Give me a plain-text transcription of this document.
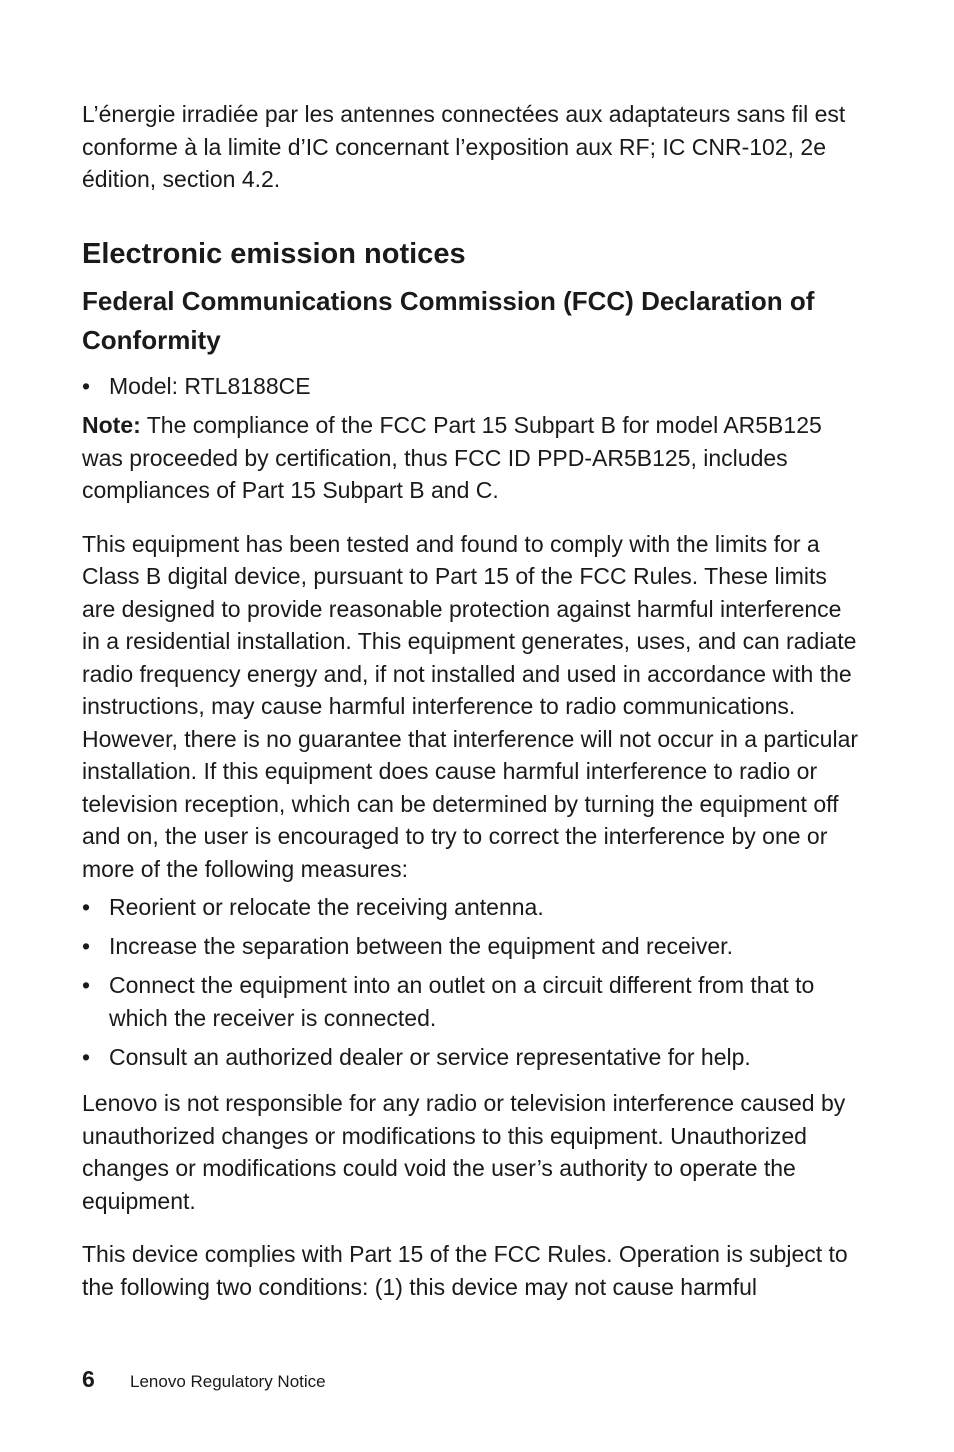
L’énergie irradiée par les antennes connectées aux adaptateurs sans fil est conforme à la limite d’IC concernant l’exposition aux RF; IC CNR-102, 2e édition, section 4.2.

Electronic emission notices
Federal Communications Commission (FCC) Declaration of Conformity
• Model: RTL8188CE

Note: The compliance of the FCC Part 15 Subpart B for model AR5B125 was proceeded by certification, thus FCC ID PPD-AR5B125, includes compliances of Part 15 Subpart B and C.

This equipment has been tested and found to comply with the limits for a Class B digital device, pursuant to Part 15 of the FCC Rules. These limits are designed to provide reasonable protection against harmful interference in a residential installation. This equipment generates, uses, and can radiate radio frequency energy and, if not installed and used in accordance with the instructions, may cause harmful interference to radio communications. However, there is no guarantee that interference will not occur in a particular installation. If this equipment does cause harmful interference to radio or television reception, which can be determined by turning the equipment off and on, the user is encouraged to try to correct the interference by one or more of the following measures:

• Reorient or relocate the receiving antenna.
• Increase the separation between the equipment and receiver.
• Connect the equipment into an outlet on a circuit different from that to which the receiver is connected.
• Consult an authorized dealer or service representative for help.

Lenovo is not responsible for any radio or television interference caused by unauthorized changes or modifications to this equipment. Unauthorized changes or modifications could void the user’s authority to operate the equipment.

This device complies with Part 15 of the FCC Rules. Operation is subject to the following two conditions: (1) this device may not cause harmful

6	Lenovo Regulatory Notice
